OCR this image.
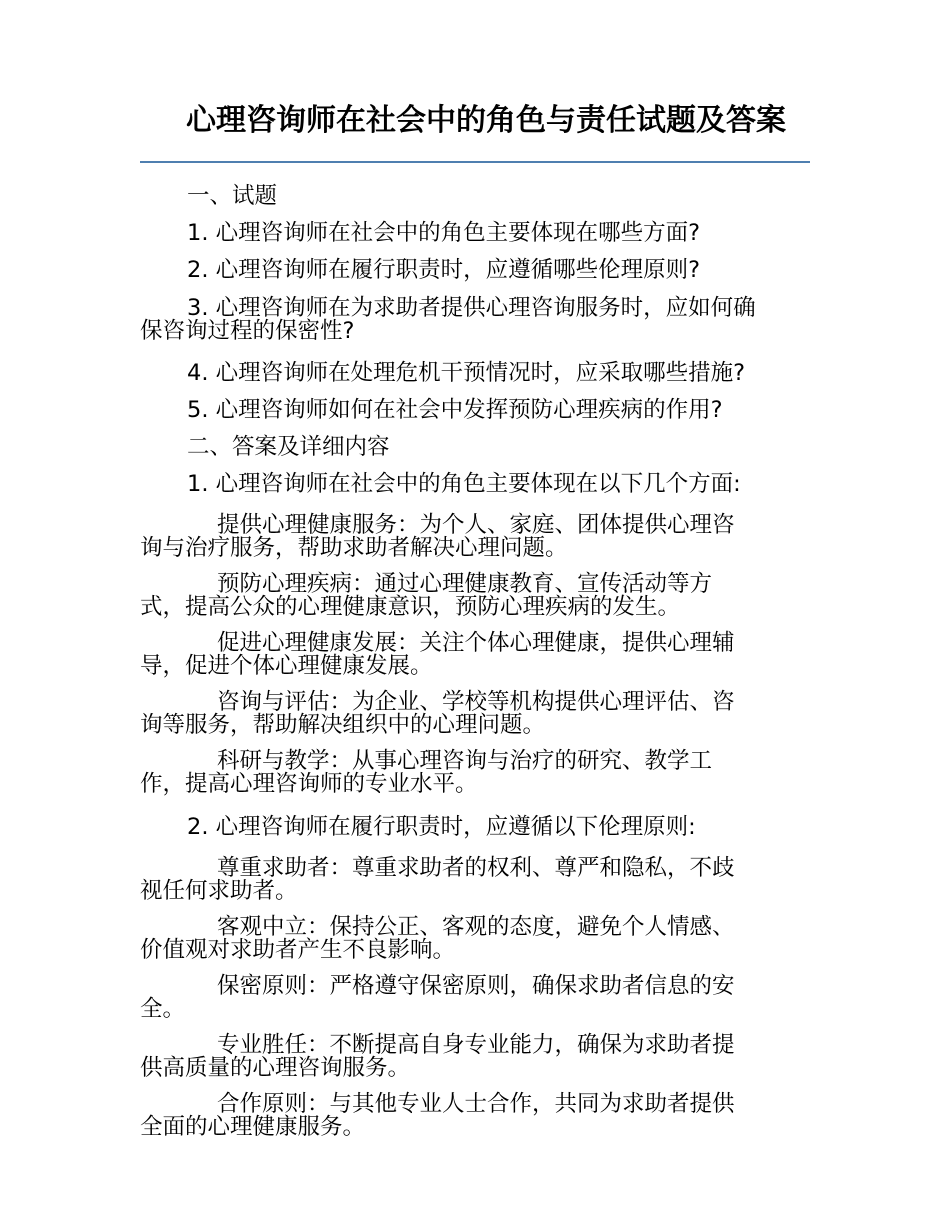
心理咨询师在社会中的角色与责任试题及答案
一、试题
1. 心理咨询师在社会中的角色主要体现在哪些方面?
2. 心理咨询师在履行职责时，应遵循哪些伦理原则?
3. 心理咨询师在为求助者提供心理咨询服务时，应如何确
保咨询过程的保密性?
4. 心理咨询师在处理危机干预情况时，应采取哪些措施?
5. 心理咨询师如何在社会中发挥预防心理疾病的作用?
二、答案及详细内容
1. 心理咨询师在社会中的角色主要体现在以下几个方面:
提供心理健康服务：为个人、家庭、团体提供心理咨
询与治疗服务，帮助求助者解决心理问题。
预防心理疾病：通过心理健康教育、宣传活动等方
式，提高公众的心理健康意识，预防心理疾病的发生。
促进心理健康发展：关注个体心理健康，提供心理辅
导，促进个体心理健康发展。
咨询与评估：为企业、学校等机构提供心理评估、咨
询等服务，帮助解决组织中的心理问题。
科研与教学：从事心理咨询与治疗的研究、教学工
作，提高心理咨询师的专业水平。
2. 心理咨询师在履行职责时，应遵循以下伦理原则:
尊重求助者：尊重求助者的权利、尊严和隐私，不歧
视任何求助者。
客观中立：保持公正、客观的态度，避免个人情感、
价值观对求助者产生不良影响。
保密原则：严格遵守保密原则，确保求助者信息的安
全。
专业胜任：不断提高自身专业能力，确保为求助者提
供高质量的心理咨询服务。
合作原则：与其他专业人士合作，共同为求助者提供
全面的心理健康服务。
